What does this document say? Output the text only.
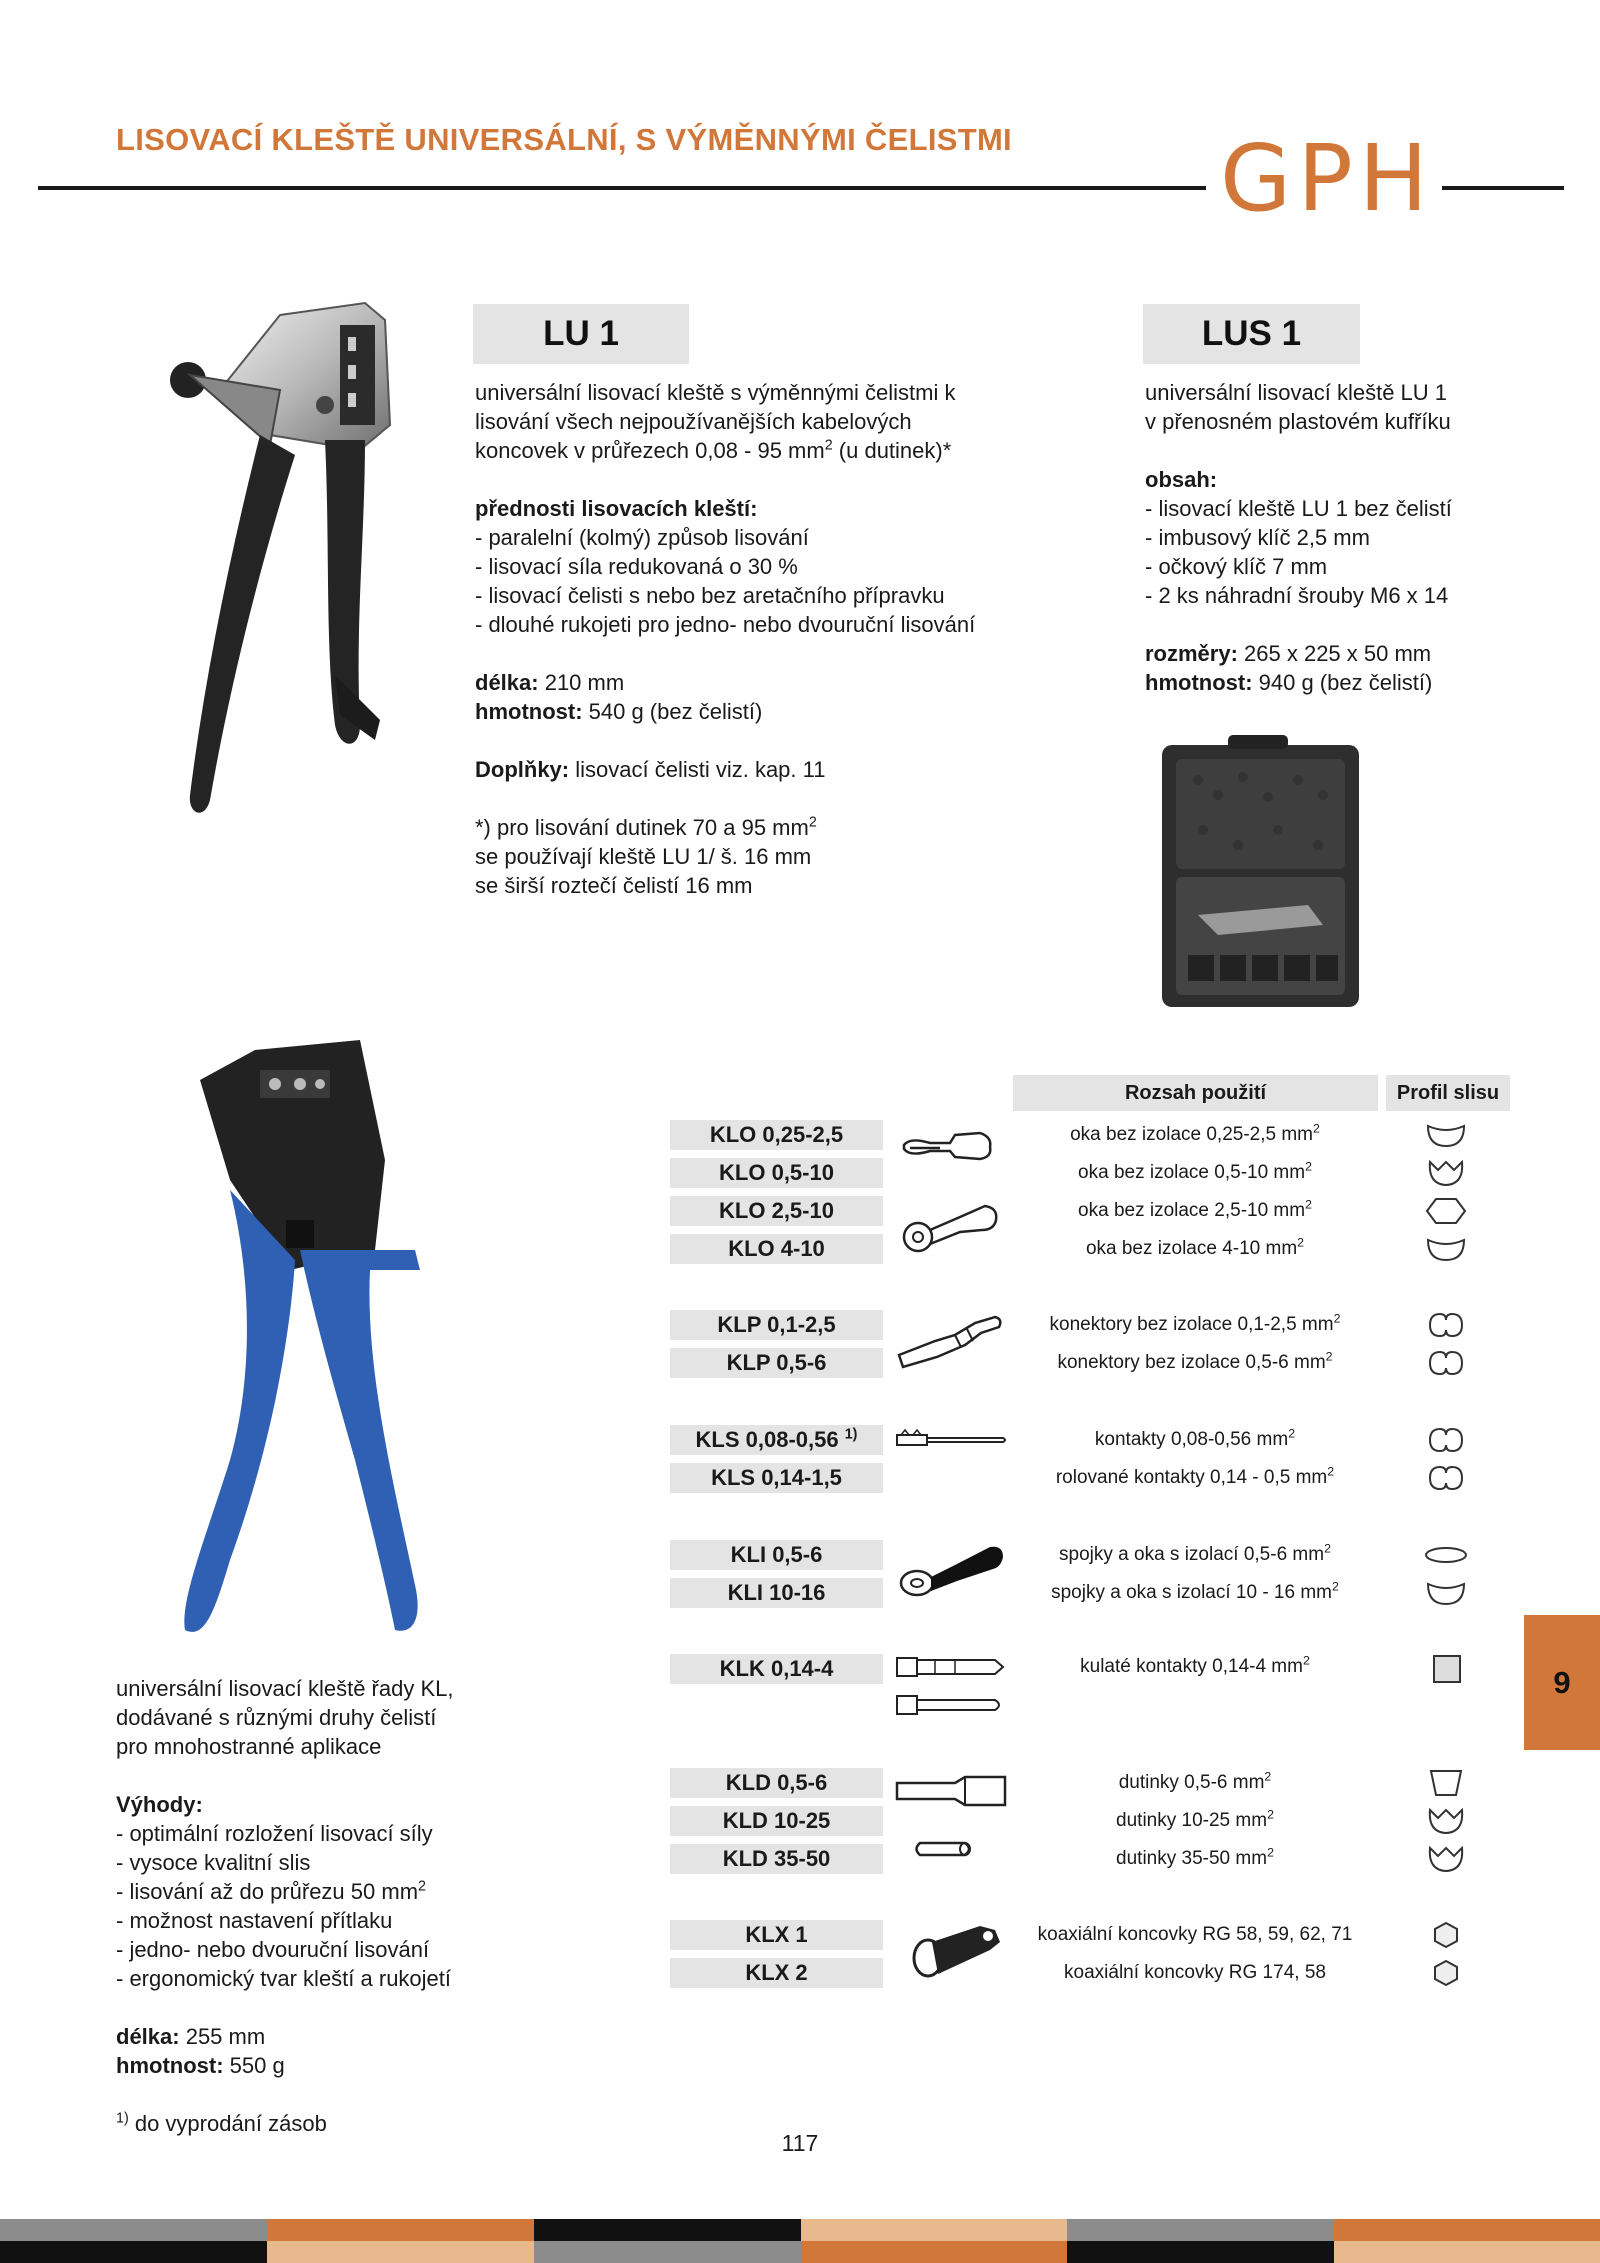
LISOVACÍ KLEŠTĚ UNIVERSÁLNÍ, S VÝMĚNNÝMI ČELISTMI GPH
LU 1
universální lisovací kleště s výměnnými čelistmi k lisování všech nejpoužívanějších kabelových koncovek v průřezech 0,08 - 95 $mm^2$ (u dutinek)*
přednosti lisovacích kleští:
- paralelní (kolmý) způsob lisování
- lisovací síla redukovaná o 30 %
- lisovací čelisti s nebo bez aretačního přípravku
- dlouhé rukojeti pro jedno- nebo dvouruční lisování
délka: 210 mm
hmotnost: 540 g (bez čelistí)
Doplňky: lisovací čelisti viz. kap. 11
*) pro lisování dutinek 70 a 95 $mm^2$
se používají kleště LU 1/ š. 16 mm
se širší roztečí čelistí 16 mm
LUS 1
universální lisovací kleště LU 1
v přenosném plastovém kufříku
obsah:
- lisovací kleště LU 1 bez čelistí
- imbusový klíč 2,5 mm
- očkový klíč 7 mm
- 2 ks náhradní šrouby M6 x 14
rozměry: 265 x 225 x 50 mm
hmotnost: 940 g (bez čelistí)
universální lisovací kleště řady KL,
dodávané s různými druhy čelistí
pro mnohostranné aplikace
Výhody:
- optimální rozložení lisovací síly
- vysoce kvalitní slis
- lisování až do průřezu 50 $mm^2$
- možnost nastavení přítlaku
- jedno- nebo dvouruční lisování
- ergonomický tvar kleští a rukojetí
délka: 255 mm
hmotnost: 550 g
$^{1)}$ do vyprodání zásob
Rozsah použití	Profil slisu
KLO 0,25-2,5	oka bez izolace 0,25-2,5 $mm^2$
KLO 0,5-10	oka bez izolace 0,5-10 $mm^2$
KLO 2,5-10	oka bez izolace 2,5-10 $mm^2$
KLO 4-10	oka bez izolace 4-10 $mm^2$
KLP 0,1-2,5	konektory bez izolace 0,1-2,5 $mm^2$
KLP 0,5-6	konektory bez izolace 0,5-6 $mm^2$
KLS 0,08-0,56 $^{1)}$	kontakty 0,08-0,56 $mm^2$
KLS 0,14-1,5	rolované kontakty 0,14 - 0,5 $mm^2$
KLI 0,5-6	spojky a oka s izolací 0,5-6 $mm^2$
KLI 10-16	spojky a oka s izolací 10 - 16 $mm^2$
KLK 0,14-4	kulaté kontakty 0,14-4 $mm^2$
KLD 0,5-6	dutinky 0,5-6 $mm^2$
KLD 10-25	dutinky 10-25 $mm^2$
KLD 35-50	dutinky 35-50 $mm^2$
KLX 1	koaxiální koncovky RG 58, 59, 62, 71
KLX 2	koaxiální koncovky RG 174, 58
9
117
